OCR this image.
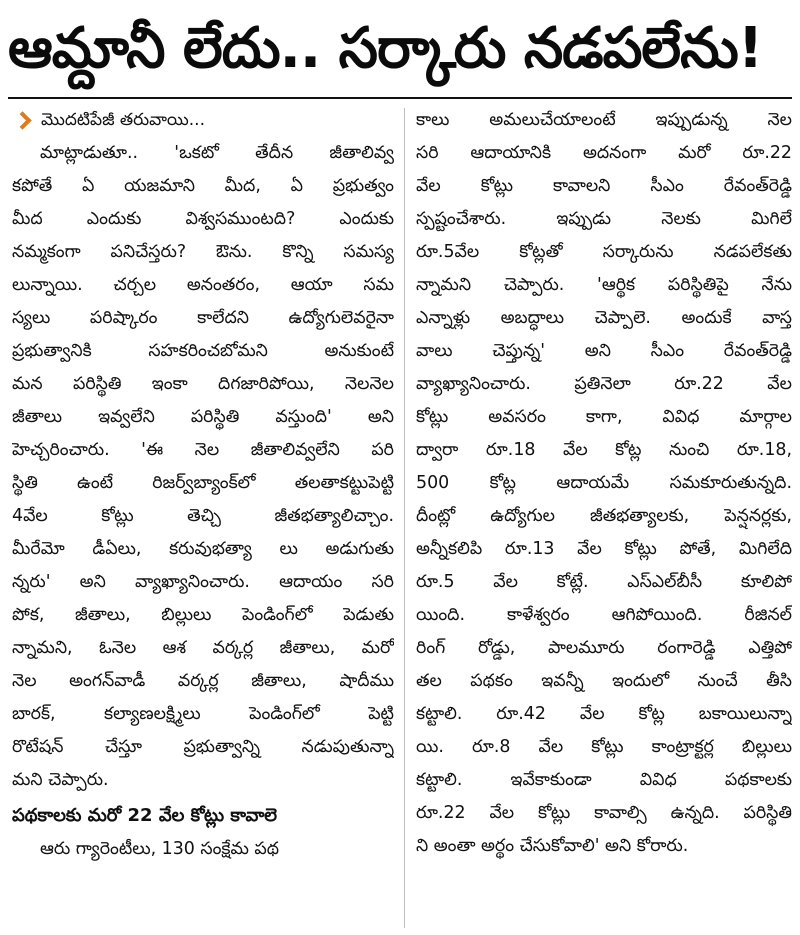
ఆమ్దానీ లేదు.. సర్కారు నడపలేను!
మొదటిపేజీ తరువాయి...
మాట్లాడుతూ.. 'ఒకటో తేదీన జీతాలివ్వ
కపోతే ఏ యజమాని మీద, ఏ ప్రభుత్వం
మీద ఎందుకు విశ్వసముంటది? ఎందుకు
నమ్మకంగా పనిచేస్తరు? ఔను. కొన్ని సమస్య
లున్నాయి. చర్చల అనంతరం, ఆయా సమ
స్యలు పరిష్కారం కాలేదని ఉద్యోగులెవరైనా
ప్రభుత్వానికి సహకరించబోమని అనుకుంటే
మన పరిస్థితి ఇంకా దిగజారిపోయి, నెలనెల
జీతాలు ఇవ్వలేని పరిస్థితి వస్తుంది' అని
హెచ్చరించారు. 'ఈ నెల జీతాలివ్వలేని పరి
స్థితి ఉంటే రిజర్వ్‌బ్యాంక్‌లో తలతాకట్టుపెట్టి
4వేల కోట్లు తెచ్చి జీతభత్యాలిచ్చాం.
మీరేమో డీఏలు, కరువుభత్యా లు అడుగుతు
న్నరు' అని వ్యాఖ్యానించారు. ఆదాయం సరి
పోక, జీతాలు, బిల్లులు పెండింగ్‌లో పెడుతు
న్నామని, ఓనెల ఆశ వర్కర్ల జీతాలు, మరో
నెల అంగన్‌వాడీ వర్కర్ల జీతాలు, షాదీము
బారక్, కల్యాణలక్ష్మిలు పెండింగ్‌లో పెట్టి
రొటేషన్ చేస్తూ ప్రభుత్వాన్ని నడుపుతున్నా
మని చెప్పారు.
పథకాలకు మరో 22 వేల కోట్లు కావాలె
ఆరు గ్యారెంటీలు, 130 సంక్షేమ పథ
కాలు అమలుచేయాలంటే ఇప్పుడున్న నెల
సరి ఆదాయానికి అదనంగా మరో రూ.22
వేల కోట్లు కావాలని సీఎం రేవంత్‌రెడ్డి
స్పష్టంచేశారు. ఇప్పుడు నెలకు మిగిలే
రూ.5వేల కోట్లతో సర్కారును నడపలేకతు
న్నామని చెప్పారు. 'ఆర్థిక పరిస్థితిపై నేను
ఎన్నాళ్లు అబద్ధాలు చెప్పాలె. అందుకే వాస్త
వాలు చెప్తున్న' అని సీఎం రేవంత్‌రెడ్డి
వ్యాఖ్యానించారు. ప్రతినెలా రూ.22 వేల
కోట్లు అవసరం కాగా, వివిధ మార్గాల
ద్వారా రూ.18 వేల కోట్ల నుంచి రూ.18,
500 కోట్ల ఆదాయమే సమకూరుతున్నది.
దీంట్లో ఉద్యోగుల జీతభత్యాలకు, పెన్షనర్లకు,
అన్నీకలిపి రూ.13 వేల కోట్లు పోతే, మిగిలేది
రూ.5 వేల కోట్లే. ఎస్‌ఎల్‌బీసీ కూలిపో
యింది. కాళేశ్వరం ఆగిపోయింది. రీజినల్
రింగ్ రోడ్డు, పాలమూరు రంగారెడ్డి ఎత్తిపో
తల పథకం ఇవన్నీ ఇందులో నుంచే తీసి
కట్టాలి. రూ.42 వేల కోట్ల బకాయిలున్నా
యి. రూ.8 వేల కోట్లు కాంట్రాక్టర్ల బిల్లులు
కట్టాలి. ఇవేకాకుండా వివిధ పథకాలకు
రూ.22 వేల కోట్లు కావాల్సి ఉన్నది. పరిస్థితి
ని అంతా అర్థం చేసుకోవాలి' అని కోరారు.
